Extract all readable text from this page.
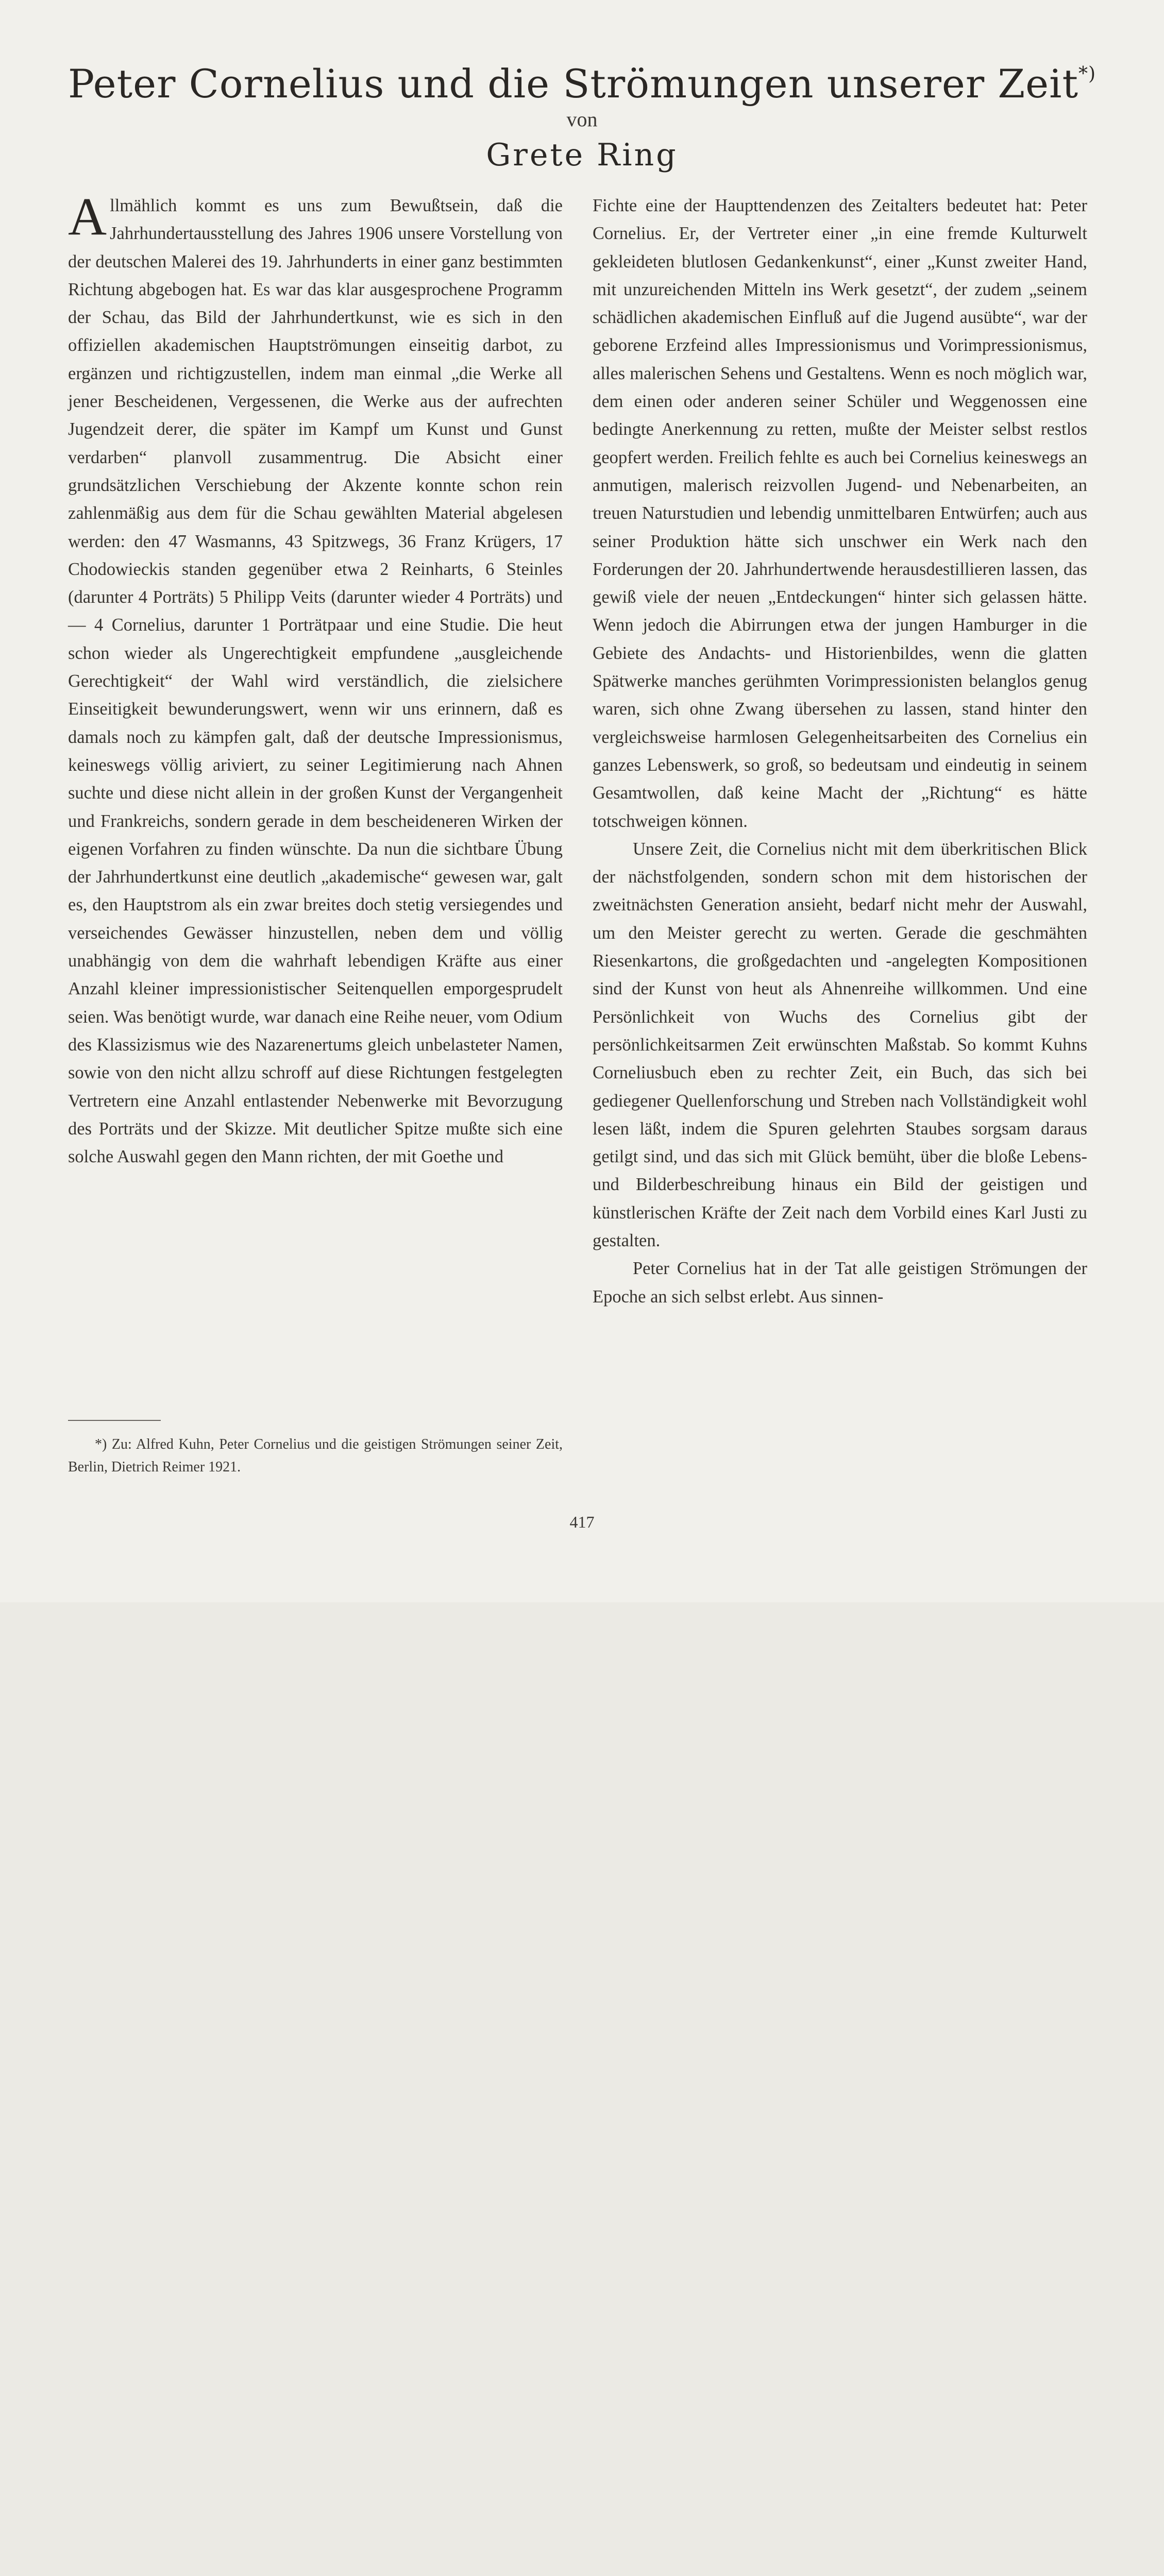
Peter Cornelius und die Strömungen unserer Zeit*)
von
Grete Ring

Allmählich kommt es uns zum Bewußtsein, daß die Jahrhundertausstellung des Jahres 1906 unsere Vorstellung von der deutschen Malerei des 19. Jahrhunderts in einer ganz bestimmten Richtung abgebogen hat. Es war das klar ausgesprochene Programm der Schau, das Bild der Jahrhundertkunst, wie es sich in den offiziellen akademischen Hauptströmungen einseitig darbot, zu ergänzen und richtigzustellen, indem man einmal „die Werke all jener Bescheidenen, Vergessenen, die Werke aus der aufrechten Jugendzeit derer, die später im Kampf um Kunst und Gunst verdarben“ planvoll zusammentrug. Die Absicht einer grundsätzlichen Verschiebung der Akzente konnte schon rein zahlenmäßig aus dem für die Schau gewählten Material abgelesen werden: den 47 Wasmanns, 43 Spitzwegs, 36 Franz Krügers, 17 Chodowieckis standen gegenüber etwa 2 Reinharts, 6 Steinles (darunter 4 Porträts) 5 Philipp Veits (darunter wieder 4 Porträts) und — 4 Cornelius, darunter 1 Porträtpaar und eine Studie. Die heut schon wieder als Ungerechtigkeit empfundene „ausgleichende Gerechtigkeit“ der Wahl wird verständlich, die zielsichere Einseitigkeit bewunderungswert, wenn wir uns erinnern, daß es damals noch zu kämpfen galt, daß der deutsche Impressionismus, keineswegs völlig ariviert, zu seiner Legitimierung nach Ahnen suchte und diese nicht allein in der großen Kunst der Vergangenheit und Frankreichs, sondern gerade in dem bescheideneren Wirken der eigenen Vorfahren zu finden wünschte. Da nun die sichtbare Übung der Jahrhundertkunst eine deutlich „akademische“ gewesen war, galt es, den Hauptstrom als ein zwar breites doch stetig versiegendes und verseichendes Gewässer hinzustellen, neben dem und völlig unabhängig von dem die wahrhaft lebendigen Kräfte aus einer Anzahl kleiner impressionistischer Seitenquellen emporgesprudelt seien. Was benötigt wurde, war danach eine Reihe neuer, vom Odium des Klassizismus wie des Nazarenertums gleich unbelasteter Namen, sowie von den nicht allzu schroff auf diese Richtungen festgelegten Vertretern eine Anzahl entlastender Nebenwerke mit Bevorzugung des Porträts und der Skizze. Mit deutlicher Spitze mußte sich eine solche Auswahl gegen den Mann richten, der mit Goethe und

Fichte eine der Haupttendenzen des Zeitalters bedeutet hat: Peter Cornelius. Er, der Vertreter einer „in eine fremde Kulturwelt gekleideten blutlosen Gedankenkunst“, einer „Kunst zweiter Hand, mit unzureichenden Mitteln ins Werk gesetzt“, der zudem „seinem schädlichen akademischen Einfluß auf die Jugend ausübte“, war der geborene Erzfeind alles Impressionismus und Vorimpressionismus, alles malerischen Sehens und Gestaltens. Wenn es noch möglich war, dem einen oder anderen seiner Schüler und Weggenossen eine bedingte Anerkennung zu retten, mußte der Meister selbst restlos geopfert werden. Freilich fehlte es auch bei Cornelius keineswegs an anmutigen, malerisch reizvollen Jugend- und Nebenarbeiten, an treuen Naturstudien und lebendig unmittelbaren Entwürfen; auch aus seiner Produktion hätte sich unschwer ein Werk nach den Forderungen der 20. Jahrhundertwende herausdestillieren lassen, das gewiß viele der neuen „Entdeckungen“ hinter sich gelassen hätte. Wenn jedoch die Abirrungen etwa der jungen Hamburger in die Gebiete des Andachts- und Historienbildes, wenn die glatten Spätwerke manches gerühmten Vorimpressionisten belanglos genug waren, sich ohne Zwang übersehen zu lassen, stand hinter den vergleichsweise harmlosen Gelegenheitsarbeiten des Cornelius ein ganzes Lebenswerk, so groß, so bedeutsam und eindeutig in seinem Gesamtwollen, daß keine Macht der „Richtung“ es hätte totschweigen können.

Unsere Zeit, die Cornelius nicht mit dem überkritischen Blick der nächstfolgenden, sondern schon mit dem historischen der zweitnächsten Generation ansieht, bedarf nicht mehr der Auswahl, um den Meister gerecht zu werten. Gerade die geschmähten Riesenkartons, die großgedachten und -angelegten Kompositionen sind der Kunst von heut als Ahnenreihe willkommen. Und eine Persönlichkeit von Wuchs des Cornelius gibt der persönlichkeitsarmen Zeit erwünschten Maßstab. So kommt Kuhns Corneliusbuch eben zu rechter Zeit, ein Buch, das sich bei gediegener Quellenforschung und Streben nach Vollständigkeit wohl lesen läßt, indem die Spuren gelehrten Staubes sorgsam daraus getilgt sind, und das sich mit Glück bemüht, über die bloße Lebens- und Bilderbeschreibung hinaus ein Bild der geistigen und künstlerischen Kräfte der Zeit nach dem Vorbild eines Karl Justi zu gestalten.

Peter Cornelius hat in der Tat alle geistigen Strömungen der Epoche an sich selbst erlebt. Aus sinnen-

*) Zu: Alfred Kuhn, Peter Cornelius und die geistigen Strömungen seiner Zeit, Berlin, Dietrich Reimer 1921.

417
